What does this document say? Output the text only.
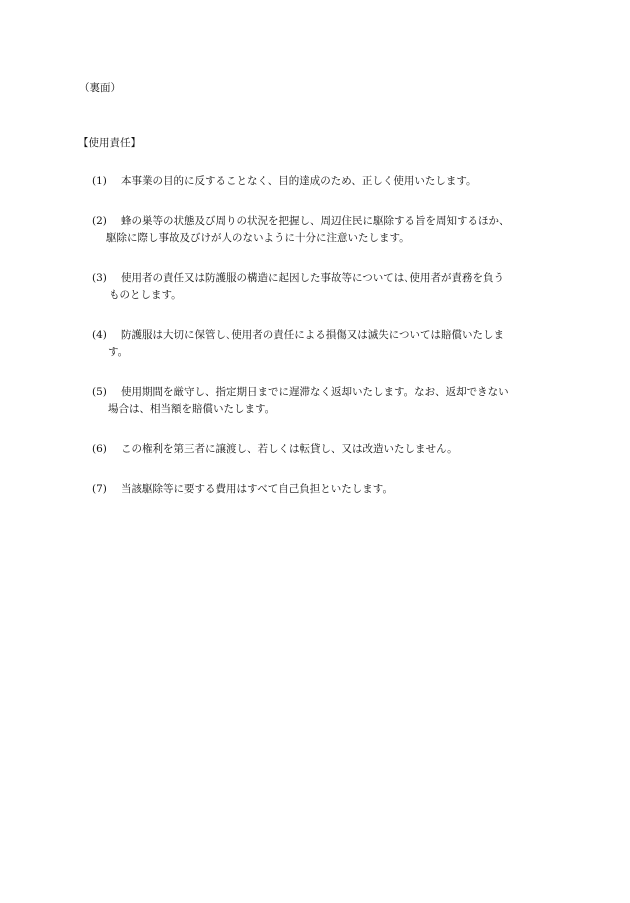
（裏面）
【使用責任】
(1) 本事業の目的に反することなく、目的達成のため、正しく使用いたします。
(2) 蜂の巣等の状態及び周りの状況を把握し、周辺住民に駆除する旨を周知するほか、
駆除に際し事故及びけが人のないように十分に注意いたします。
(3) 使用者の責任又は防護服の構造に起因した事故等については､使用者が責務を負う
ものとします。
(4) 防護服は大切に保管し､使用者の責任による損傷又は滅失については賠償いたしま
す。
(5) 使用期間を厳守し、指定期日までに遅滞なく返却いたします。なお、返却できない
場合は、相当額を賠償いたします。
(6) この権利を第三者に譲渡し、若しくは転貸し、又は改造いたしません。
(7) 当該駆除等に要する費用はすべて自己負担といたします。
